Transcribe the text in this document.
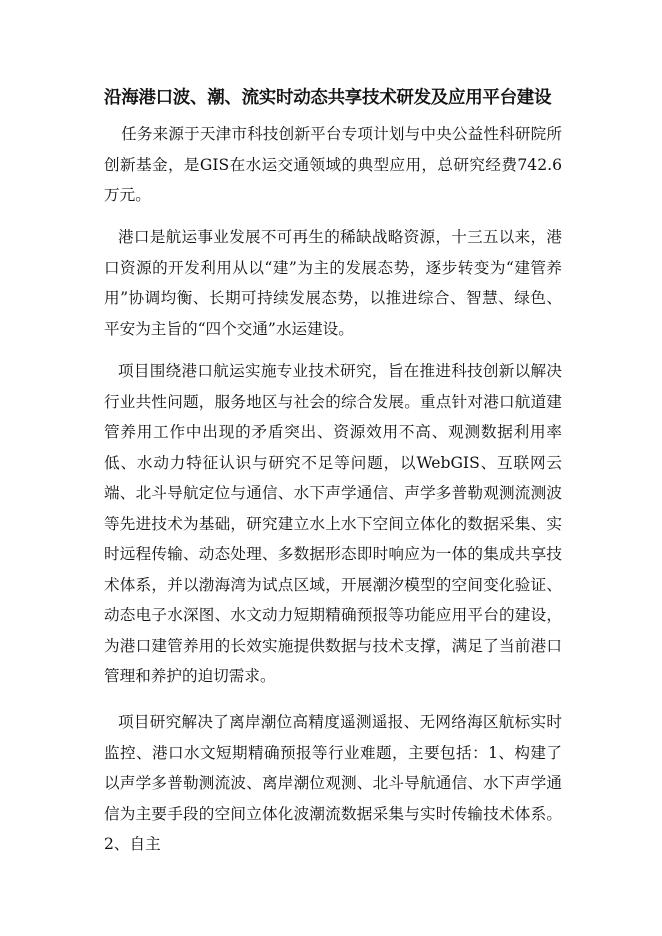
沿海港口波、潮、流实时动态共享技术研发及应用平台建设

任务来源于天津市科技创新平台专项计划与中央公益性科研院所创新基金，是GIS在水运交通领域的典型应用，总研究经费742.6万元。

港口是航运事业发展不可再生的稀缺战略资源，十三五以来，港口资源的开发利用从以“建”为主的发展态势，逐步转变为“建管养用”协调均衡、长期可持续发展态势，以推进综合、智慧、绿色、平安为主旨的“四个交通”水运建设。

项目围绕港口航运实施专业技术研究，旨在推进科技创新以解决行业共性问题，服务地区与社会的综合发展。重点针对港口航道建管养用工作中出现的矛盾突出、资源效用不高、观测数据利用率低、水动力特征认识与研究不足等问题，以WebGIS、互联网云端、北斗导航定位与通信、水下声学通信、声学多普勒观测流测波等先进技术为基础，研究建立水上水下空间立体化的数据采集、实时远程传输、动态处理、多数据形态即时响应为一体的集成共享技术体系，并以渤海湾为试点区域，开展潮汐模型的空间变化验证、动态电子水深图、水文动力短期精确预报等功能应用平台的建设，为港口建管养用的长效实施提供数据与技术支撑，满足了当前港口管理和养护的迫切需求。

项目研究解决了离岸潮位高精度遥测遥报、无网络海区航标实时监控、港口水文短期精确预报等行业难题，主要包括：1、构建了以声学多普勒测流波、离岸潮位观测、北斗导航通信、水下声学通信为主要手段的空间立体化波潮流数据采集与实时传输技术体系。2、自主
